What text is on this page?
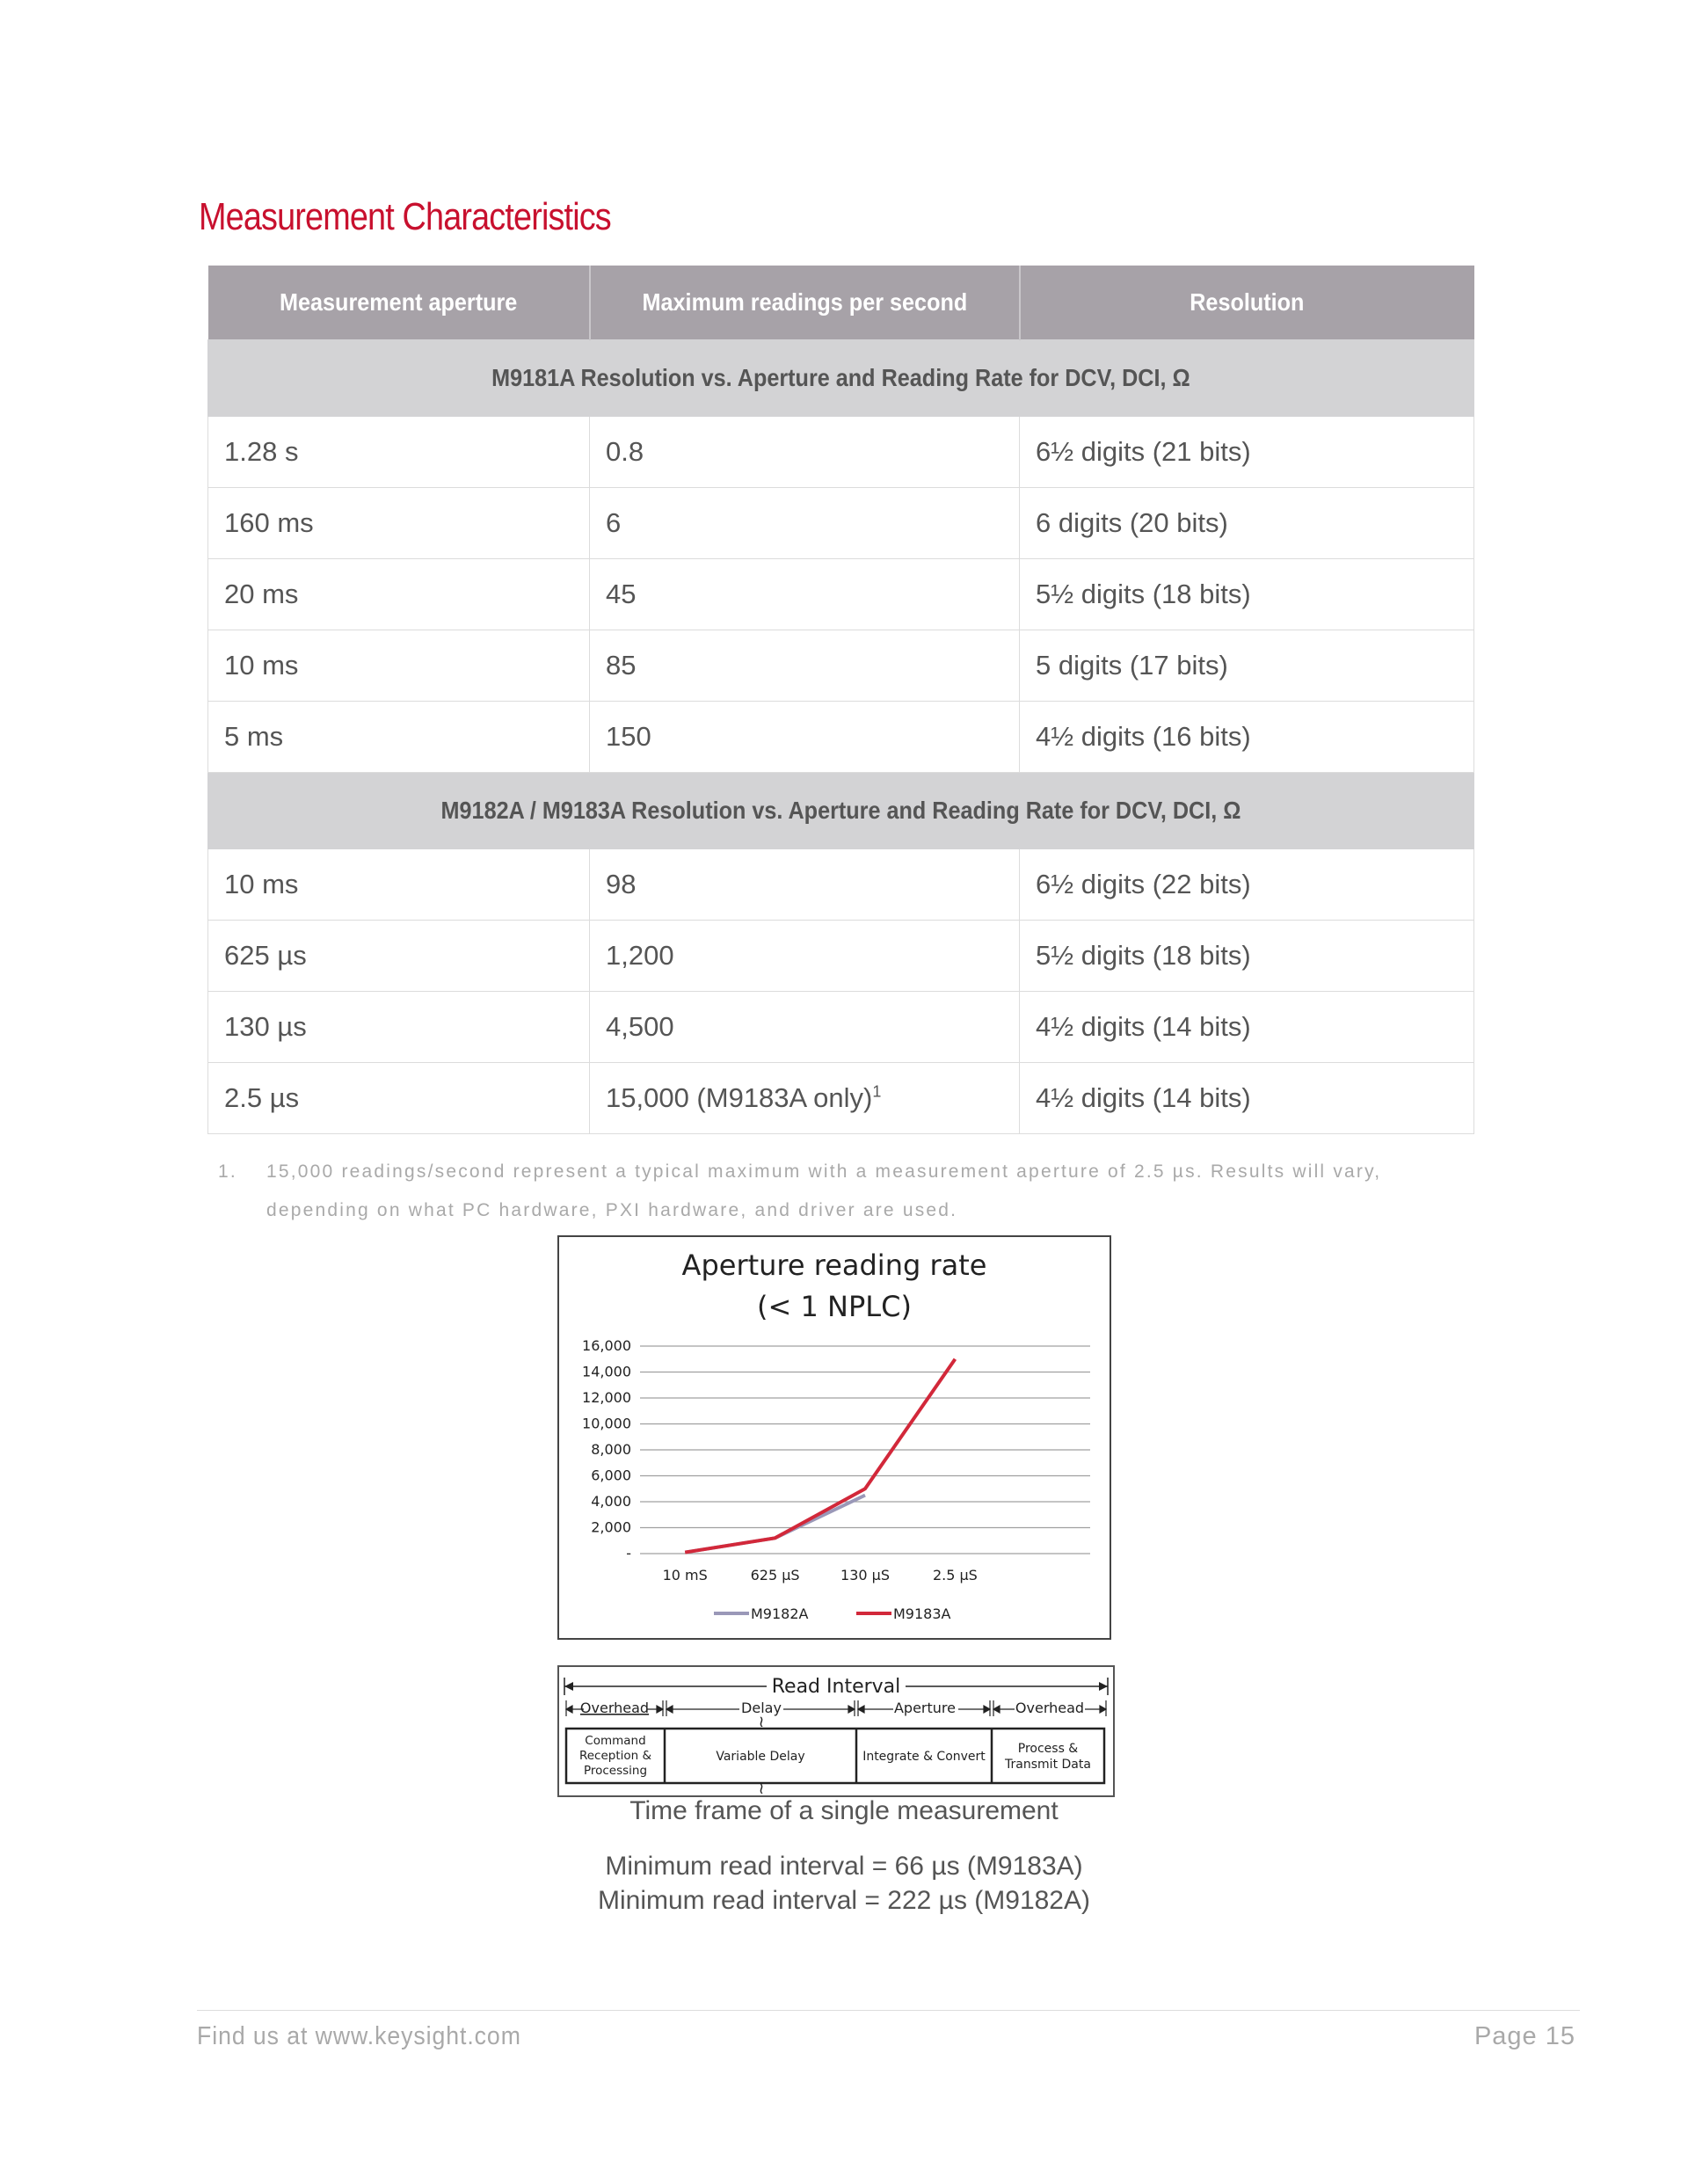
Measurement Characteristics
Measurement aperture	Maximum readings per second	Resolution
M9181A Resolution vs. Aperture and Reading Rate for DCV, DCI, Ω		
1.28 s	0.8	6½ digits (21 bits)
160 ms	6	6 digits (20 bits)
20 ms	45	5½ digits (18 bits)
10 ms	85	5 digits (17 bits)
5 ms	150	4½ digits (16 bits)
M9182A / M9183A Resolution vs. Aperture and Reading Rate for DCV, DCI, Ω		
10 ms	98	6½ digits (22 bits)
625 µs	1,200	5½ digits (18 bits)
130 µs	4,500	4½ digits (14 bits)
2.5 µs	15,000 (M9183A only)$^1$	4½ digits (14 bits)
1. 15,000 readings/second represent a typical maximum with a measurement aperture of 2.5 µs. Results will vary, depending on what PC hardware, PXI hardware, and driver are used.
Aperture reading rate
(< 1 NPLC)
-
2,000
4,000
6,000
8,000
10,000
12,000
14,000
16,000
10 mS	625 µS	130 µS	2.5 µS
M9182A	M9183A
Read Interval
Overhead	Delay	Aperture	Overhead
≀
≀
Command
Reception &
Processing
Variable Delay	Integrate & Convert
Process &
Transmit Data
Time frame of a single measurement
Minimum read interval = 66 µs (M9183A)
Minimum read interval = 222 µs (M9182A)
Find us at www.keysight.com	Page 15
